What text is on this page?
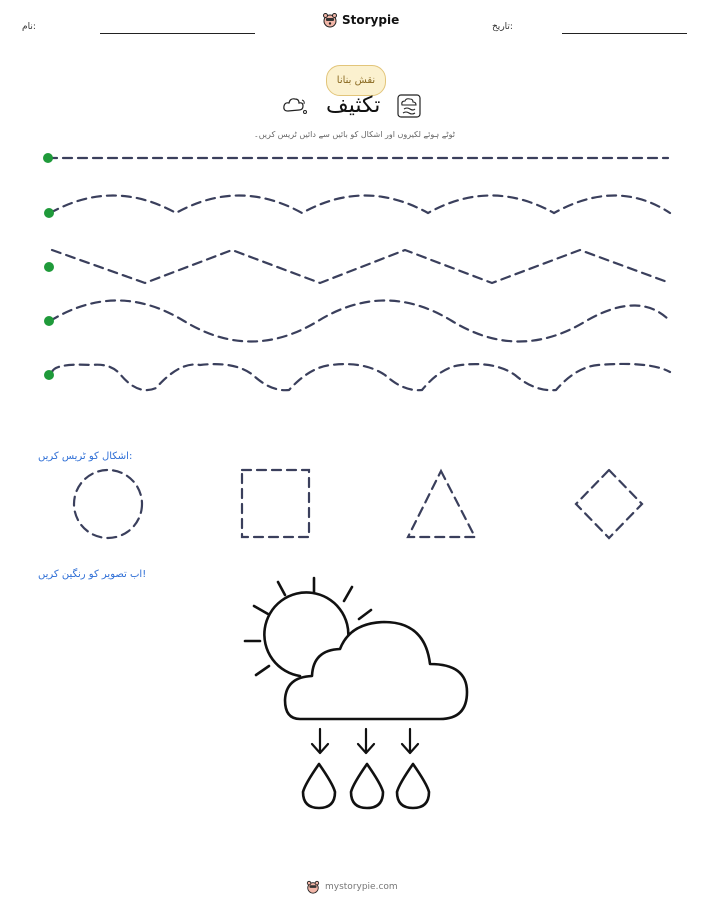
نام:	Storypie	تاریخ:
نقش بنانا
تکثیف
ٹوٹے ہوئے لکیروں اور اشکال کو بائیں سے دائیں ٹریس کریں۔
اشکال کو ٹریس کریں:
اب تصویر کو رنگین کریں!
mystorypie.com
